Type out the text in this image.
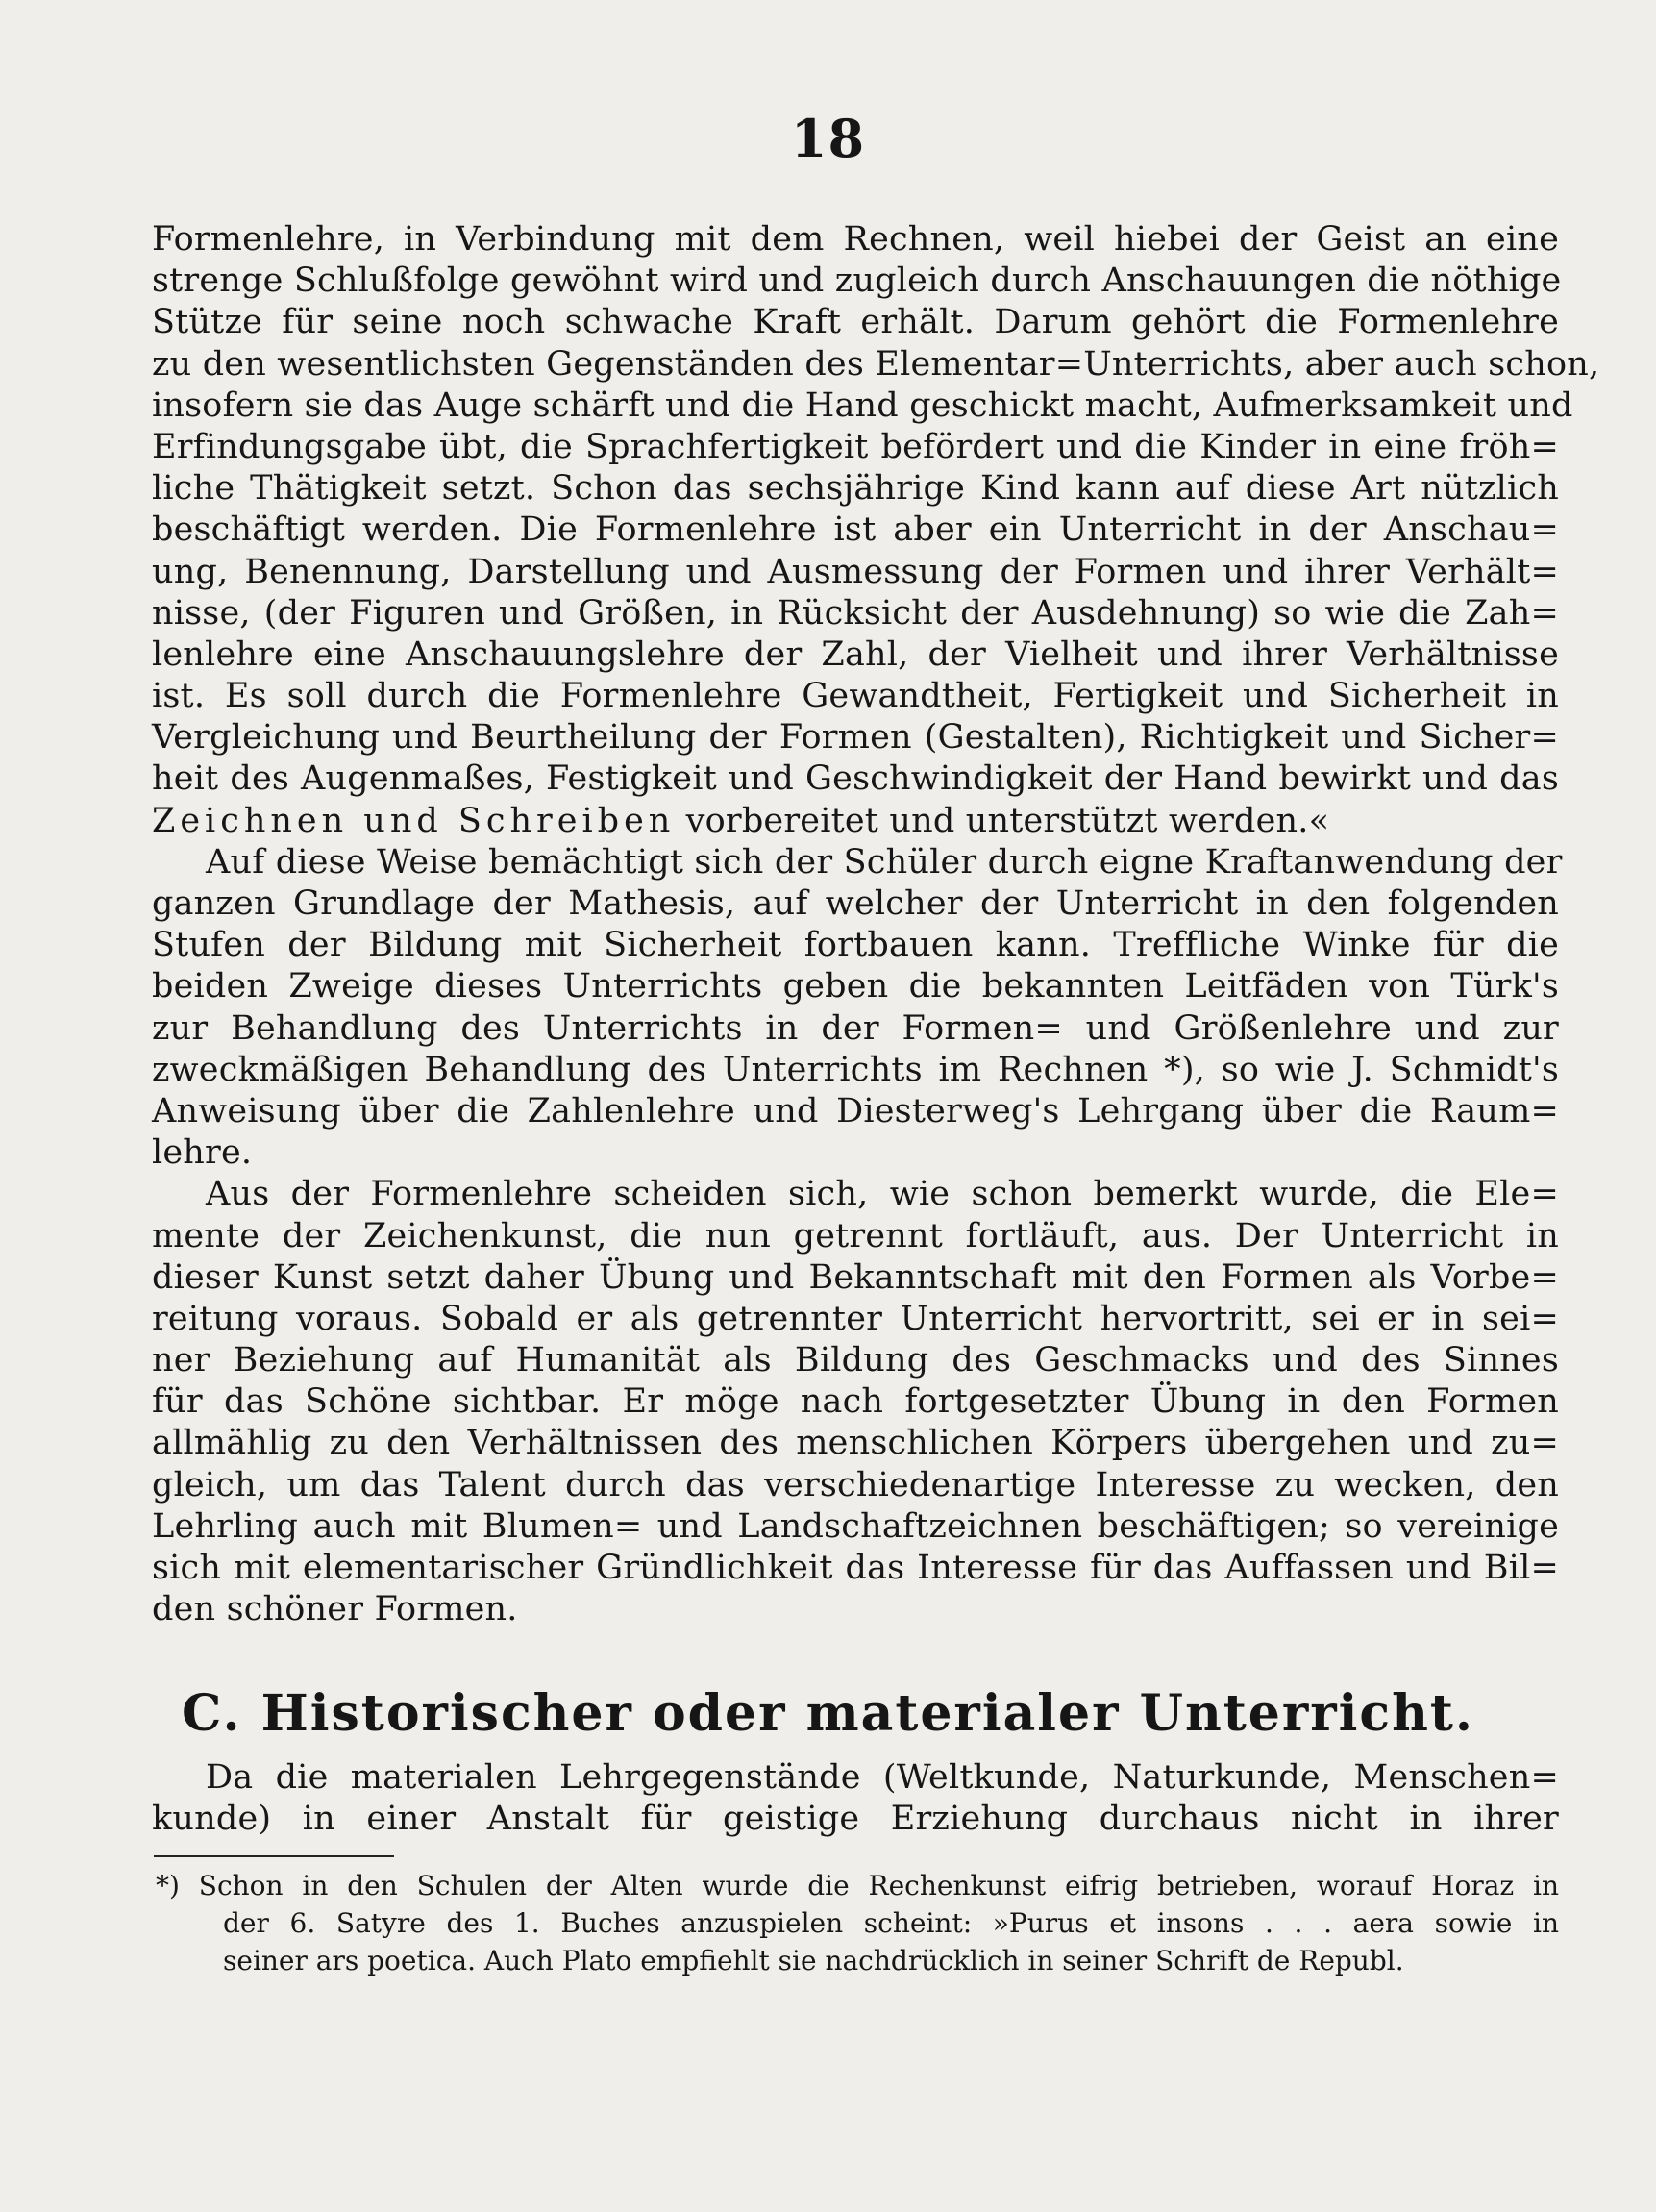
18
Formenlehre, in Verbindung mit dem Rechnen, weil hiebei der Geist an eine
strenge Schlußfolge gewöhnt wird und zugleich durch Anschauungen die nöthige
Stütze für seine noch schwache Kraft erhält. Darum gehört die Formenlehre
zu den wesentlichsten Gegenständen des Elementar=Unterrichts, aber auch schon,
insofern sie das Auge schärft und die Hand geschickt macht, Aufmerksamkeit und
Erfindungsgabe übt, die Sprachfertigkeit befördert und die Kinder in eine fröh=
liche Thätigkeit setzt. Schon das sechsjährige Kind kann auf diese Art nützlich
beschäftigt werden. Die Formenlehre ist aber ein Unterricht in der Anschau=
ung, Benennung, Darstellung und Ausmessung der Formen und ihrer Verhält=
nisse, (der Figuren und Größen, in Rücksicht der Ausdehnung) so wie die Zah=
lenlehre eine Anschauungslehre der Zahl, der Vielheit und ihrer Verhältnisse
ist. Es soll durch die Formenlehre Gewandtheit, Fertigkeit und Sicherheit in
Vergleichung und Beurtheilung der Formen (Gestalten), Richtigkeit und Sicher=
heit des Augenmaßes, Festigkeit und Geschwindigkeit der Hand bewirkt und das
Zeichnen und Schreiben vorbereitet und unterstützt werden.«
Auf diese Weise bemächtigt sich der Schüler durch eigne Kraftanwendung der
ganzen Grundlage der Mathesis, auf welcher der Unterricht in den folgenden
Stufen der Bildung mit Sicherheit fortbauen kann. Treffliche Winke für die
beiden Zweige dieses Unterrichts geben die bekannten Leitfäden von Türk's
zur Behandlung des Unterrichts in der Formen= und Größenlehre und zur
zweckmäßigen Behandlung des Unterrichts im Rechnen *), so wie J. Schmidt's
Anweisung über die Zahlenlehre und Diesterweg's Lehrgang über die Raum=
lehre.
Aus der Formenlehre scheiden sich, wie schon bemerkt wurde, die Ele=
mente der Zeichenkunst, die nun getrennt fortläuft, aus. Der Unterricht in
dieser Kunst setzt daher Übung und Bekanntschaft mit den Formen als Vorbe=
reitung voraus. Sobald er als getrennter Unterricht hervortritt, sei er in sei=
ner Beziehung auf Humanität als Bildung des Geschmacks und des Sinnes
für das Schöne sichtbar. Er möge nach fortgesetzter Übung in den Formen
allmählig zu den Verhältnissen des menschlichen Körpers übergehen und zu=
gleich, um das Talent durch das verschiedenartige Interesse zu wecken, den
Lehrling auch mit Blumen= und Landschaftzeichnen beschäftigen; so vereinige
sich mit elementarischer Gründlichkeit das Interesse für das Auffassen und Bil=
den schöner Formen.
C. Historischer oder materialer Unterricht.
Da die materialen Lehrgegenstände (Weltkunde, Naturkunde, Menschen=
kunde) in einer Anstalt für geistige Erziehung durchaus nicht in ihrer
*) Schon in den Schulen der Alten wurde die Rechenkunst eifrig betrieben, worauf Horaz in
der 6. Satyre des 1. Buches anzuspielen scheint: »Purus et insons . . . aera sowie in
seiner ars poetica. Auch Plato empfiehlt sie nachdrücklich in seiner Schrift de Republ.
